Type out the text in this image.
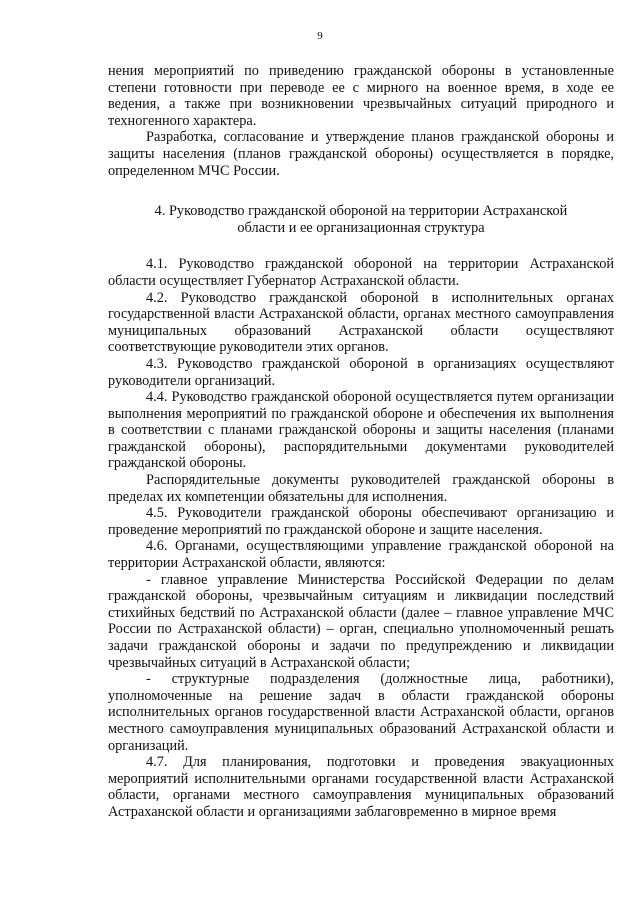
9

нения мероприятий по приведению гражданской обороны в установленные степени готовности при переводе ее с мирного на военное время, в ходе ее ведения, а также при возникновении чрезвычайных ситуаций природного и техногенного характера.

Разработка, согласование и утверждение планов гражданской обороны и защиты населения (планов гражданской обороны) осуществляется в порядке, определенном МЧС России.

4. Руководство гражданской обороной на территории Астраханской
области и ее организационная структура

4.1. Руководство гражданской обороной на территории Астраханской области осуществляет Губернатор Астраханской области.

4.2. Руководство гражданской обороной в исполнительных органах государственной власти Астраханской области, органах местного самоуправления муниципальных образований Астраханской области осуществляют соответствующие руководители этих органов.

4.3. Руководство гражданской обороной в организациях осуществляют руководители организаций.

4.4. Руководство гражданской обороной осуществляется путем организации выполнения мероприятий по гражданской обороне и обеспечения их выполнения в соответствии с планами гражданской обороны и защиты населения (планами гражданской обороны), распорядительными документами руководителей гражданской обороны.

Распорядительные документы руководителей гражданской обороны в пределах их компетенции обязательны для исполнения.

4.5. Руководители гражданской обороны обеспечивают организацию и проведение мероприятий по гражданской обороне и защите населения.

4.6. Органами, осуществляющими управление гражданской обороной на территории Астраханской области, являются:

- главное управление Министерства Российской Федерации по делам гражданской обороны, чрезвычайным ситуациям и ликвидации последствий стихийных бедствий по Астраханской области (далее – главное управление МЧС России по Астраханской области) – орган, специально уполномоченный решать задачи гражданской обороны и задачи по предупреждению и ликвидации чрезвычайных ситуаций в Астраханской области;

- структурные подразделения (должностные лица, работники), уполномоченные на решение задач в области гражданской обороны исполнительных органов государственной власти Астраханской области, органов местного самоуправления муниципальных образований Астраханской области и организаций.

4.7. Для планирования, подготовки и проведения эвакуационных мероприятий исполнительными органами государственной власти Астраханской области, органами местного самоуправления муниципальных образований Астраханской области и организациями заблаговременно в мирное время
